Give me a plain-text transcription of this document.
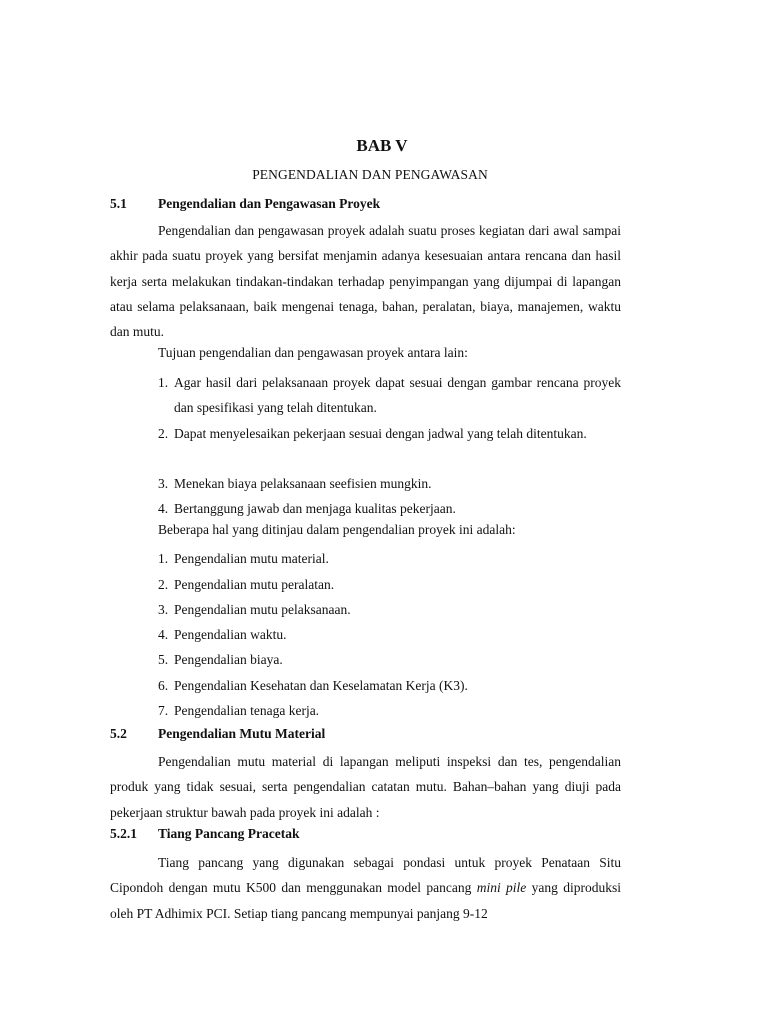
BAB V
PENGENDALIAN DAN PENGAWASAN
5.1 Pengendalian dan Pengawasan Proyek

Pengendalian dan pengawasan proyek adalah suatu proses kegiatan dari awal sampai akhir pada suatu proyek yang bersifat menjamin adanya kesesuaian antara rencana dan hasil kerja serta melakukan tindakan-tindakan terhadap penyimpangan yang dijumpai di lapangan atau selama pelaksanaan, baik mengenai tenaga, bahan, peralatan, biaya, manajemen, waktu dan mutu.

Tujuan pengendalian dan pengawasan proyek antara lain:
1. Agar hasil dari pelaksanaan proyek dapat sesuai dengan gambar rencana proyek dan spesifikasi yang telah ditentukan.
2. Dapat menyelesaikan pekerjaan sesuai dengan jadwal yang telah ditentukan.
3. Menekan biaya pelaksanaan seefisien mungkin.
4. Bertanggung jawab dan menjaga kualitas pekerjaan.
Beberapa hal yang ditinjau dalam pengendalian proyek ini adalah:
1. Pengendalian mutu material.
2. Pengendalian mutu peralatan.
3. Pengendalian mutu pelaksanaan.
4. Pengendalian waktu.
5. Pengendalian biaya.
6. Pengendalian Kesehatan dan Keselamatan Kerja (K3).
7. Pengendalian tenaga kerja.
5.2 Pengendalian Mutu Material

Pengendalian mutu material di lapangan meliputi inspeksi dan tes, pengendalian produk yang tidak sesuai, serta pengendalian catatan mutu. Bahan–bahan yang diuji pada pekerjaan struktur bawah pada proyek ini adalah :

5.2.1 Tiang Pancang Pracetak

Tiang pancang yang digunakan sebagai pondasi untuk proyek Penataan Situ Cipondoh dengan mutu K500 dan menggunakan model pancang mini pile yang diproduksi oleh PT Adhimix PCI. Setiap tiang pancang mempunyai panjang 9-12
